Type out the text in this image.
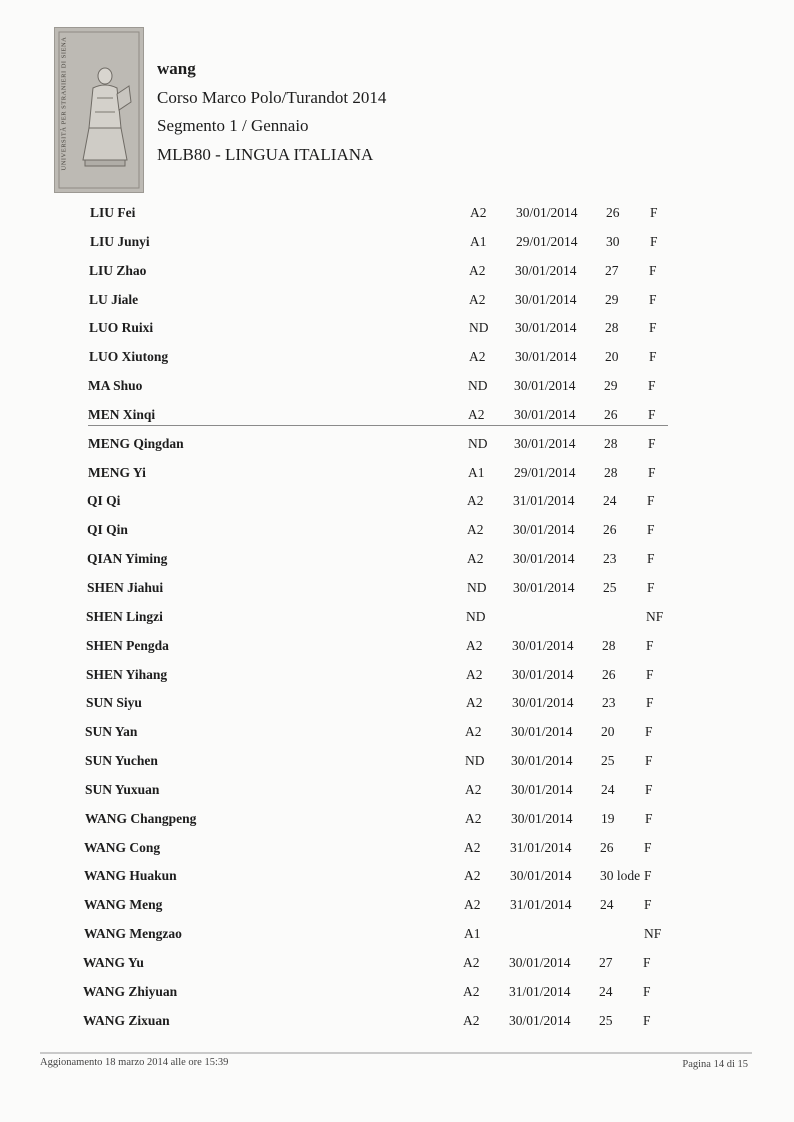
UNIVERSITÀ PER STRANIERI DI SIENA	wang
Corso Marco Polo/Turandot 2014
Segmento 1 / Gennaio
MLB80 - LINGUA ITALIANA
LIU Fei	A2 30/01/2014 26 F
LIU Junyi	A1 29/01/2014 30 F
LIU Zhao	A2 30/01/2014 27 F
LU Jiale	A2 30/01/2014 29 F
LUO Ruixi	ND 30/01/2014 28 F
LUO Xiutong	A2 30/01/2014 20 F
MA Shuo	ND 30/01/2014 29 F
MEN Xinqi	A2 30/01/2014 26 F
MENG Qingdan	ND 30/01/2014 28 F
MENG Yi	A1 29/01/2014 28 F
QI Qi	A2 31/01/2014 24 F
QI Qin	A2 30/01/2014 26 F
QIAN Yiming	A2 30/01/2014 23 F
SHEN Jiahui	ND 30/01/2014 25 F
SHEN Lingzi	ND	NF
SHEN Pengda	A2 30/01/2014 28 F
SHEN Yihang	A2 30/01/2014 26 F
SUN Siyu	A2 30/01/2014 23 F
SUN Yan	A2 30/01/2014 20 F
SUN Yuchen	ND 30/01/2014 25 F
SUN Yuxuan	A2 30/01/2014 24 F
WANG Changpeng	A2 30/01/2014 19 F
WANG Cong	A2 31/01/2014 26 F
WANG Huakun	A2 30/01/2014 30 lode F
WANG Meng	A2 31/01/2014 24 F
WANG Mengzao	A1	NF
WANG Yu	A2 30/01/2014 27 F
WANG Zhiyuan	A2 31/01/2014 24 F
WANG Zixuan	A2 30/01/2014 25 F
Aggionamento 18 marzo 2014 alle ore 15:39	Pagina 14 di 15
